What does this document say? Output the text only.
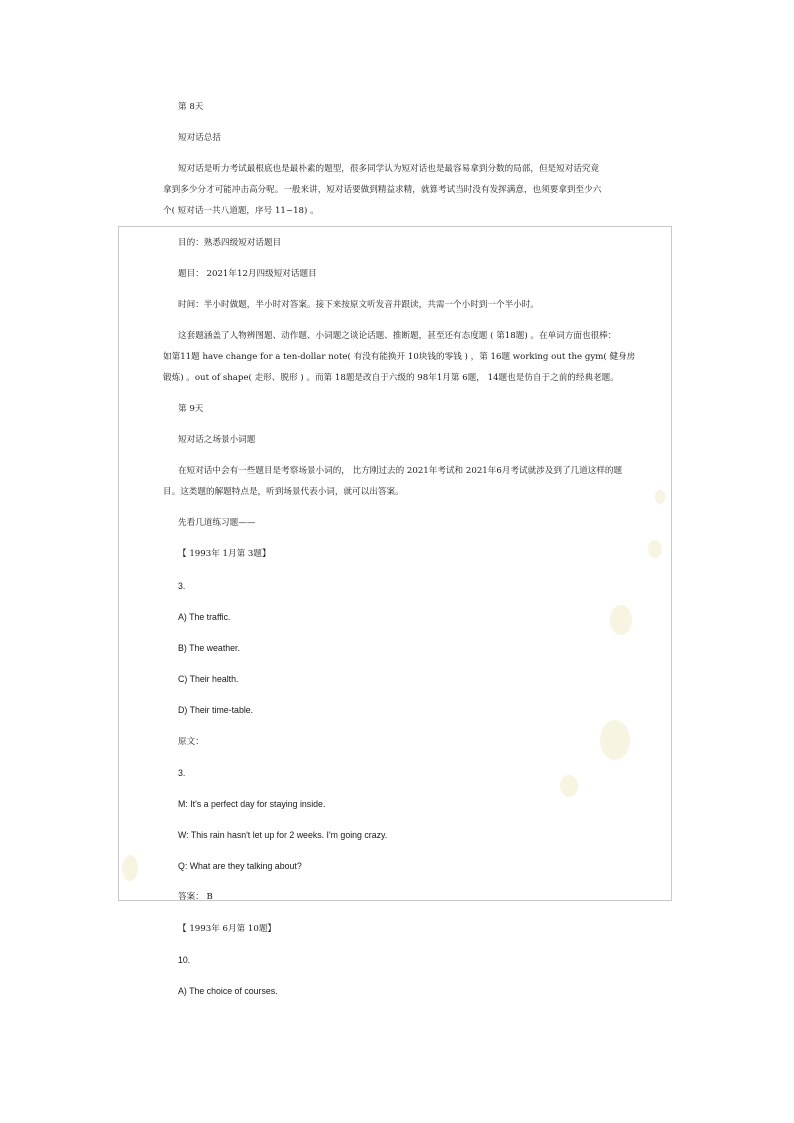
第 8天
短对话总括
短对话是听力考试最根底也是最朴素的题型，很多同学认为短对话也是最容易拿到分数的局部，但是短对话究竟
拿到多少分才可能冲击高分呢。一般来讲，短对话要做到精益求精，就算考试当时没有发挥满意，也须要拿到至少六
个( 短对话一共八道题，序号 11~18) 。
目的：熟悉四级短对话题目
题目： 2021年12月四级短对话题目
时间：半小时做题，半小时对答案。接下来按原文听发音并跟读，共需一个小时到一个半小时。
这套题涵盖了人物辨图题、动作题、小词题之谈论话题、推断题，甚至还有态度题 ( 第18题) 。在单词方面也很棒：
如第11题 have change for a ten-dollar note( 有没有能换开 10块钱的零钱 ) ，第 16题 working out the gym( 健身房
锻炼) 。out of shape( 走形、脱形 ) 。而第 18题是改自于六级的 98年1月第 6题， 14题也是仿自于之前的经典老题。
第 9天
短对话之场景小词题
在短对话中会有一些题目是考察场景小词的， 比方刚过去的 2021年考试和 2021年6月考试就涉及到了几道这样的题
目。这类题的解题特点是，听到场景代表小词，就可以出答案。
先看几道练习题——
【 1993年 1月第 3题】
3.
A) The traffic.
B) The weather.
C) Their health.
D) Their time-table.
原文：
3.
M: It's a perfect day for staying inside.
W: This rain hasn't let up for 2 weeks. I'm going crazy.
Q: What are they talking about?
答案： B
【 1993年 6月第 10题】
10.
A) The choice of courses.
